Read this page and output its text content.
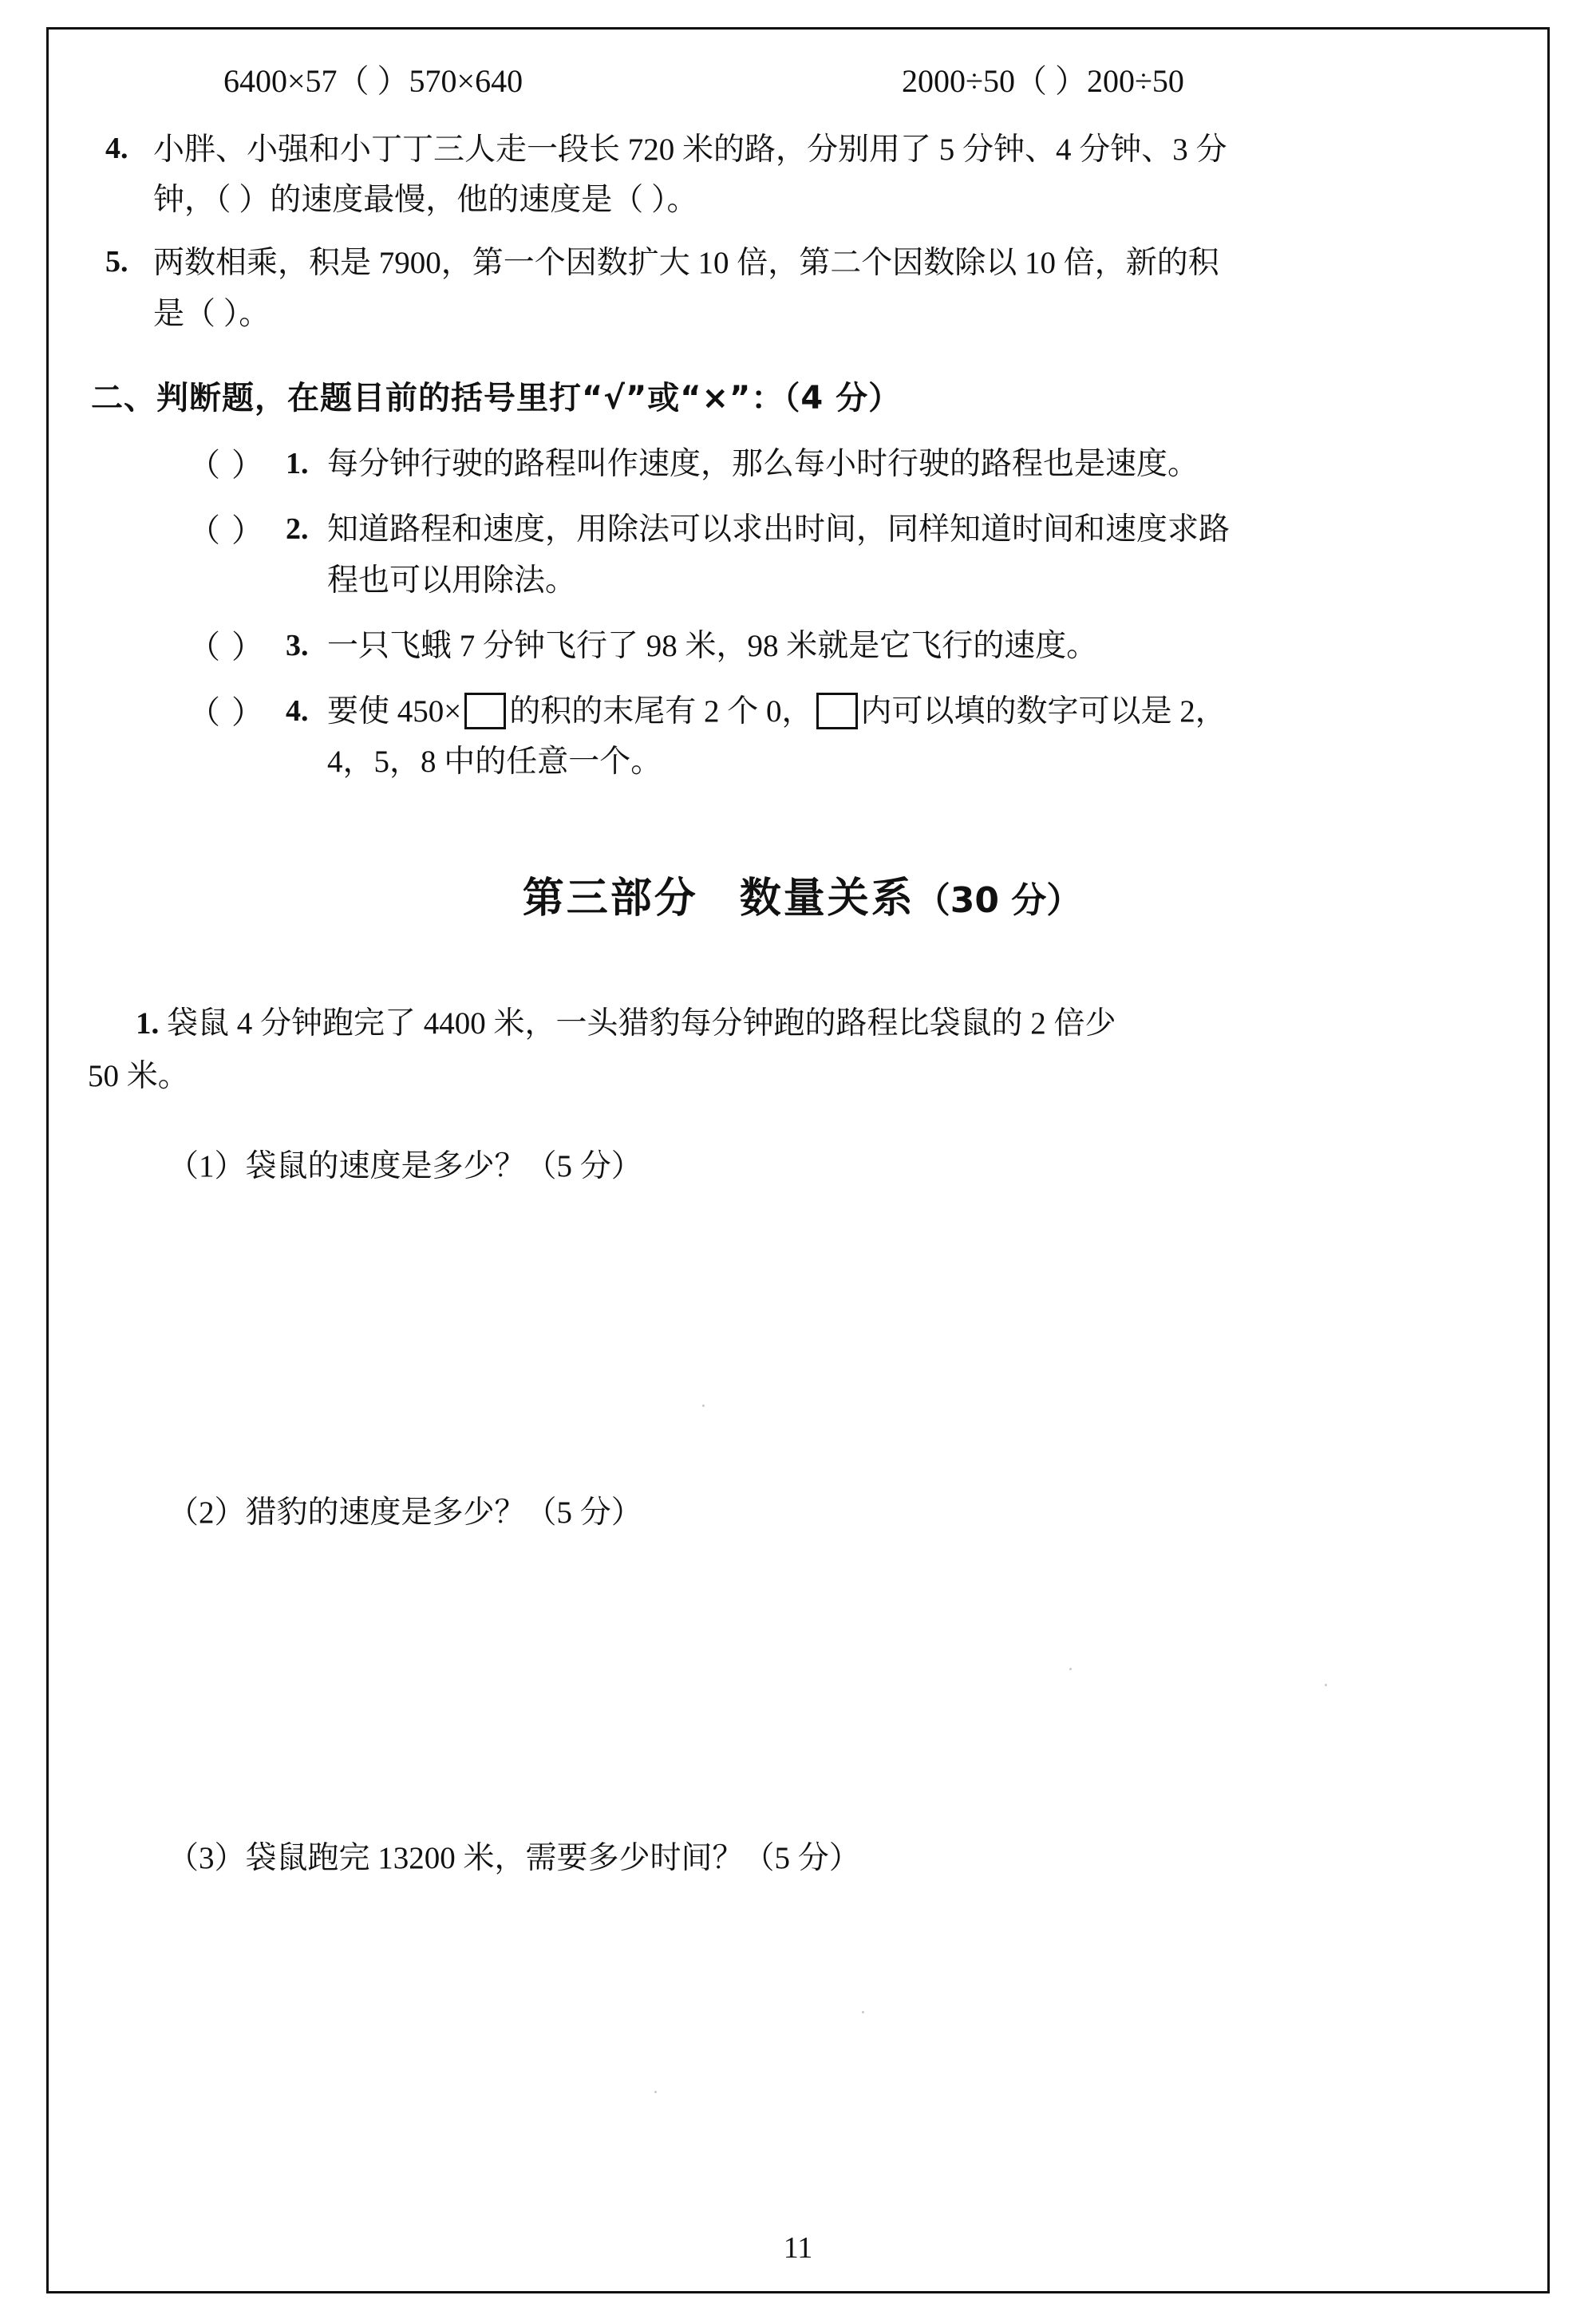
6400×57（ ）570×640	2000÷50（ ）200÷50
4. 小胖、小强和小丁丁三人走一段长 720 米的路，分别用了 5 分钟、4 分钟、3 分

钟，（ ）的速度最慢，他的速度是（ ）。

5. 两数相乘，积是 7900，第一个因数扩大 10 倍，第二个因数除以 10 倍，新的积

是（ ）。

二、判断题，在题目前的括号里打“√”或“×”：（4 分）
（ ） 1. 每分钟行驶的路程叫作速度，那么每小时行驶的路程也是速度。

（ ） 2. 知道路程和速度，用除法可以求出时间，同样知道时间和速度求路

程也可以用除法。

（ ） 3. 一只飞蛾 7 分钟飞行了 98 米，98 米就是它飞行的速度。

（ ） 4. 要使 450× 的积的末尾有 2 个 0， 内可以填的数字可以是 2，

4，5，8 中的任意一个。

第三部分 数量关系（30 分）
1. 袋鼠 4 分钟跑完了 4400 米，一头猎豹每分钟跑的路程比袋鼠的 2 倍少
50 米。
（1）袋鼠的速度是多少？（5 分）
（2）猎豹的速度是多少？（5 分）
（3）袋鼠跑完 13200 米，需要多少时间？（5 分）
11
